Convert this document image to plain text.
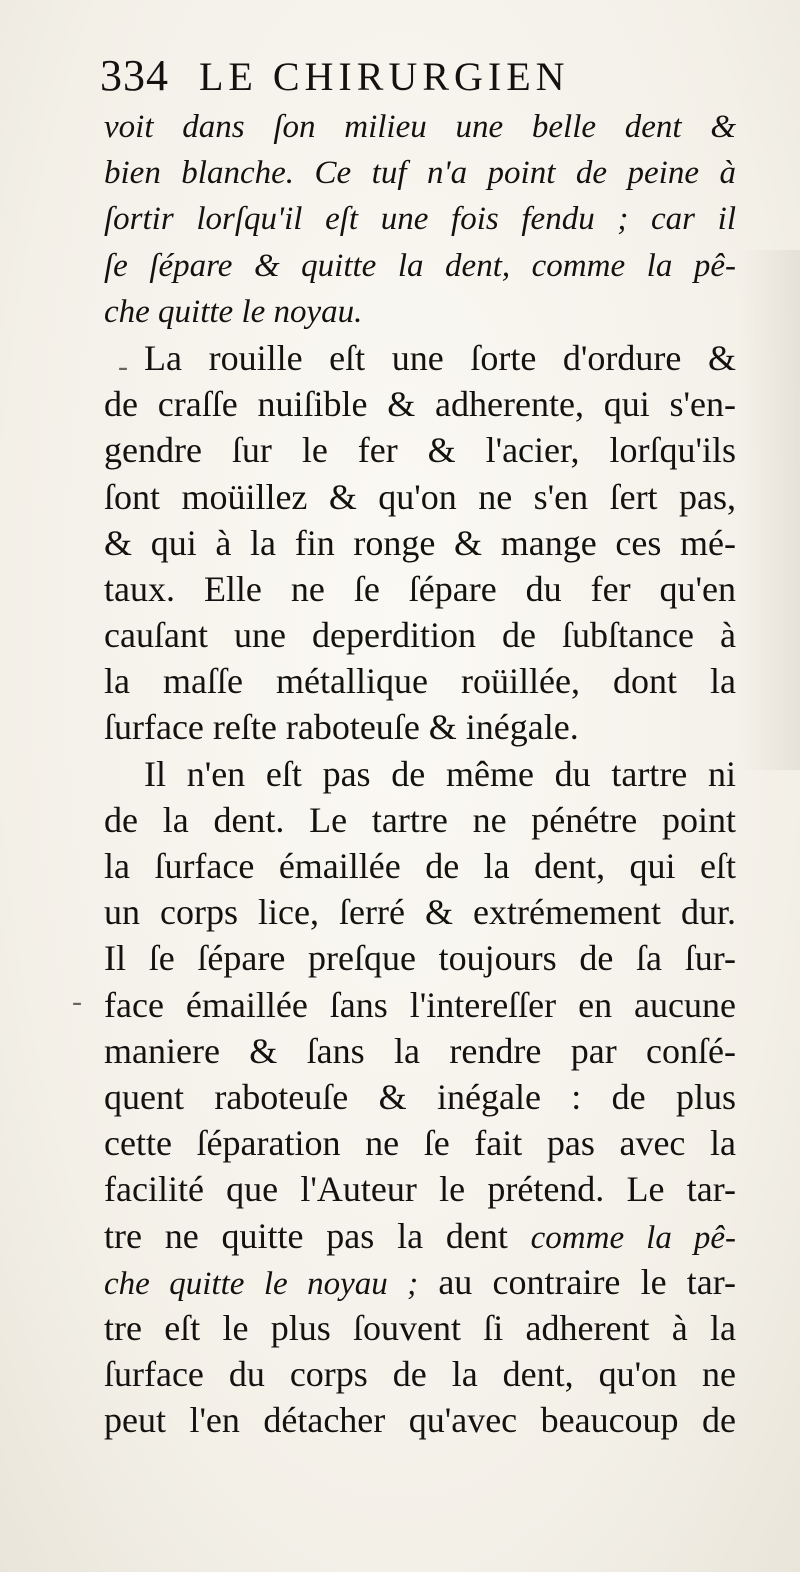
334 LE CHIRURGIEN
-
-
voit dans ſon milieu une belle dent &
bien blanche. Ce tuf n'a point de peine à
ſortir lorſqu'il eſt une fois fendu ; car il
ſe ſépare & quitte la dent, comme la pê-
che quitte le noyau.
La rouille eſt une ſorte d'ordure &
de craſſe nuiſible & adherente, qui s'en-
gendre ſur le fer & l'acier, lorſqu'ils
ſont moüillez & qu'on ne s'en ſert pas,
& qui à la fin ronge & mange ces mé-
taux. Elle ne ſe ſépare du fer qu'en
cauſant une deperdition de ſubſtance à
la maſſe métallique roüillée, dont la
ſurface reſte raboteuſe & inégale.
Il n'en eſt pas de même du tartre ni
de la dent. Le tartre ne pénétre point
la ſurface émaillée de la dent, qui eſt
un corps lice, ſerré & extrémement dur.
Il ſe ſépare preſque toujours de ſa ſur-
face émaillée ſans l'intereſſer en aucune
maniere & ſans la rendre par conſé-
quent raboteuſe & inégale : de plus
cette ſéparation ne ſe fait pas avec la
facilité que l'Auteur le prétend. Le tar-
tre ne quitte pas la dent comme la pê-
che quitte le noyau ; au contraire le tar-
tre eſt le plus ſouvent ſi adherent à la
ſurface du corps de la dent, qu'on ne
peut l'en détacher qu'avec beaucoup de
